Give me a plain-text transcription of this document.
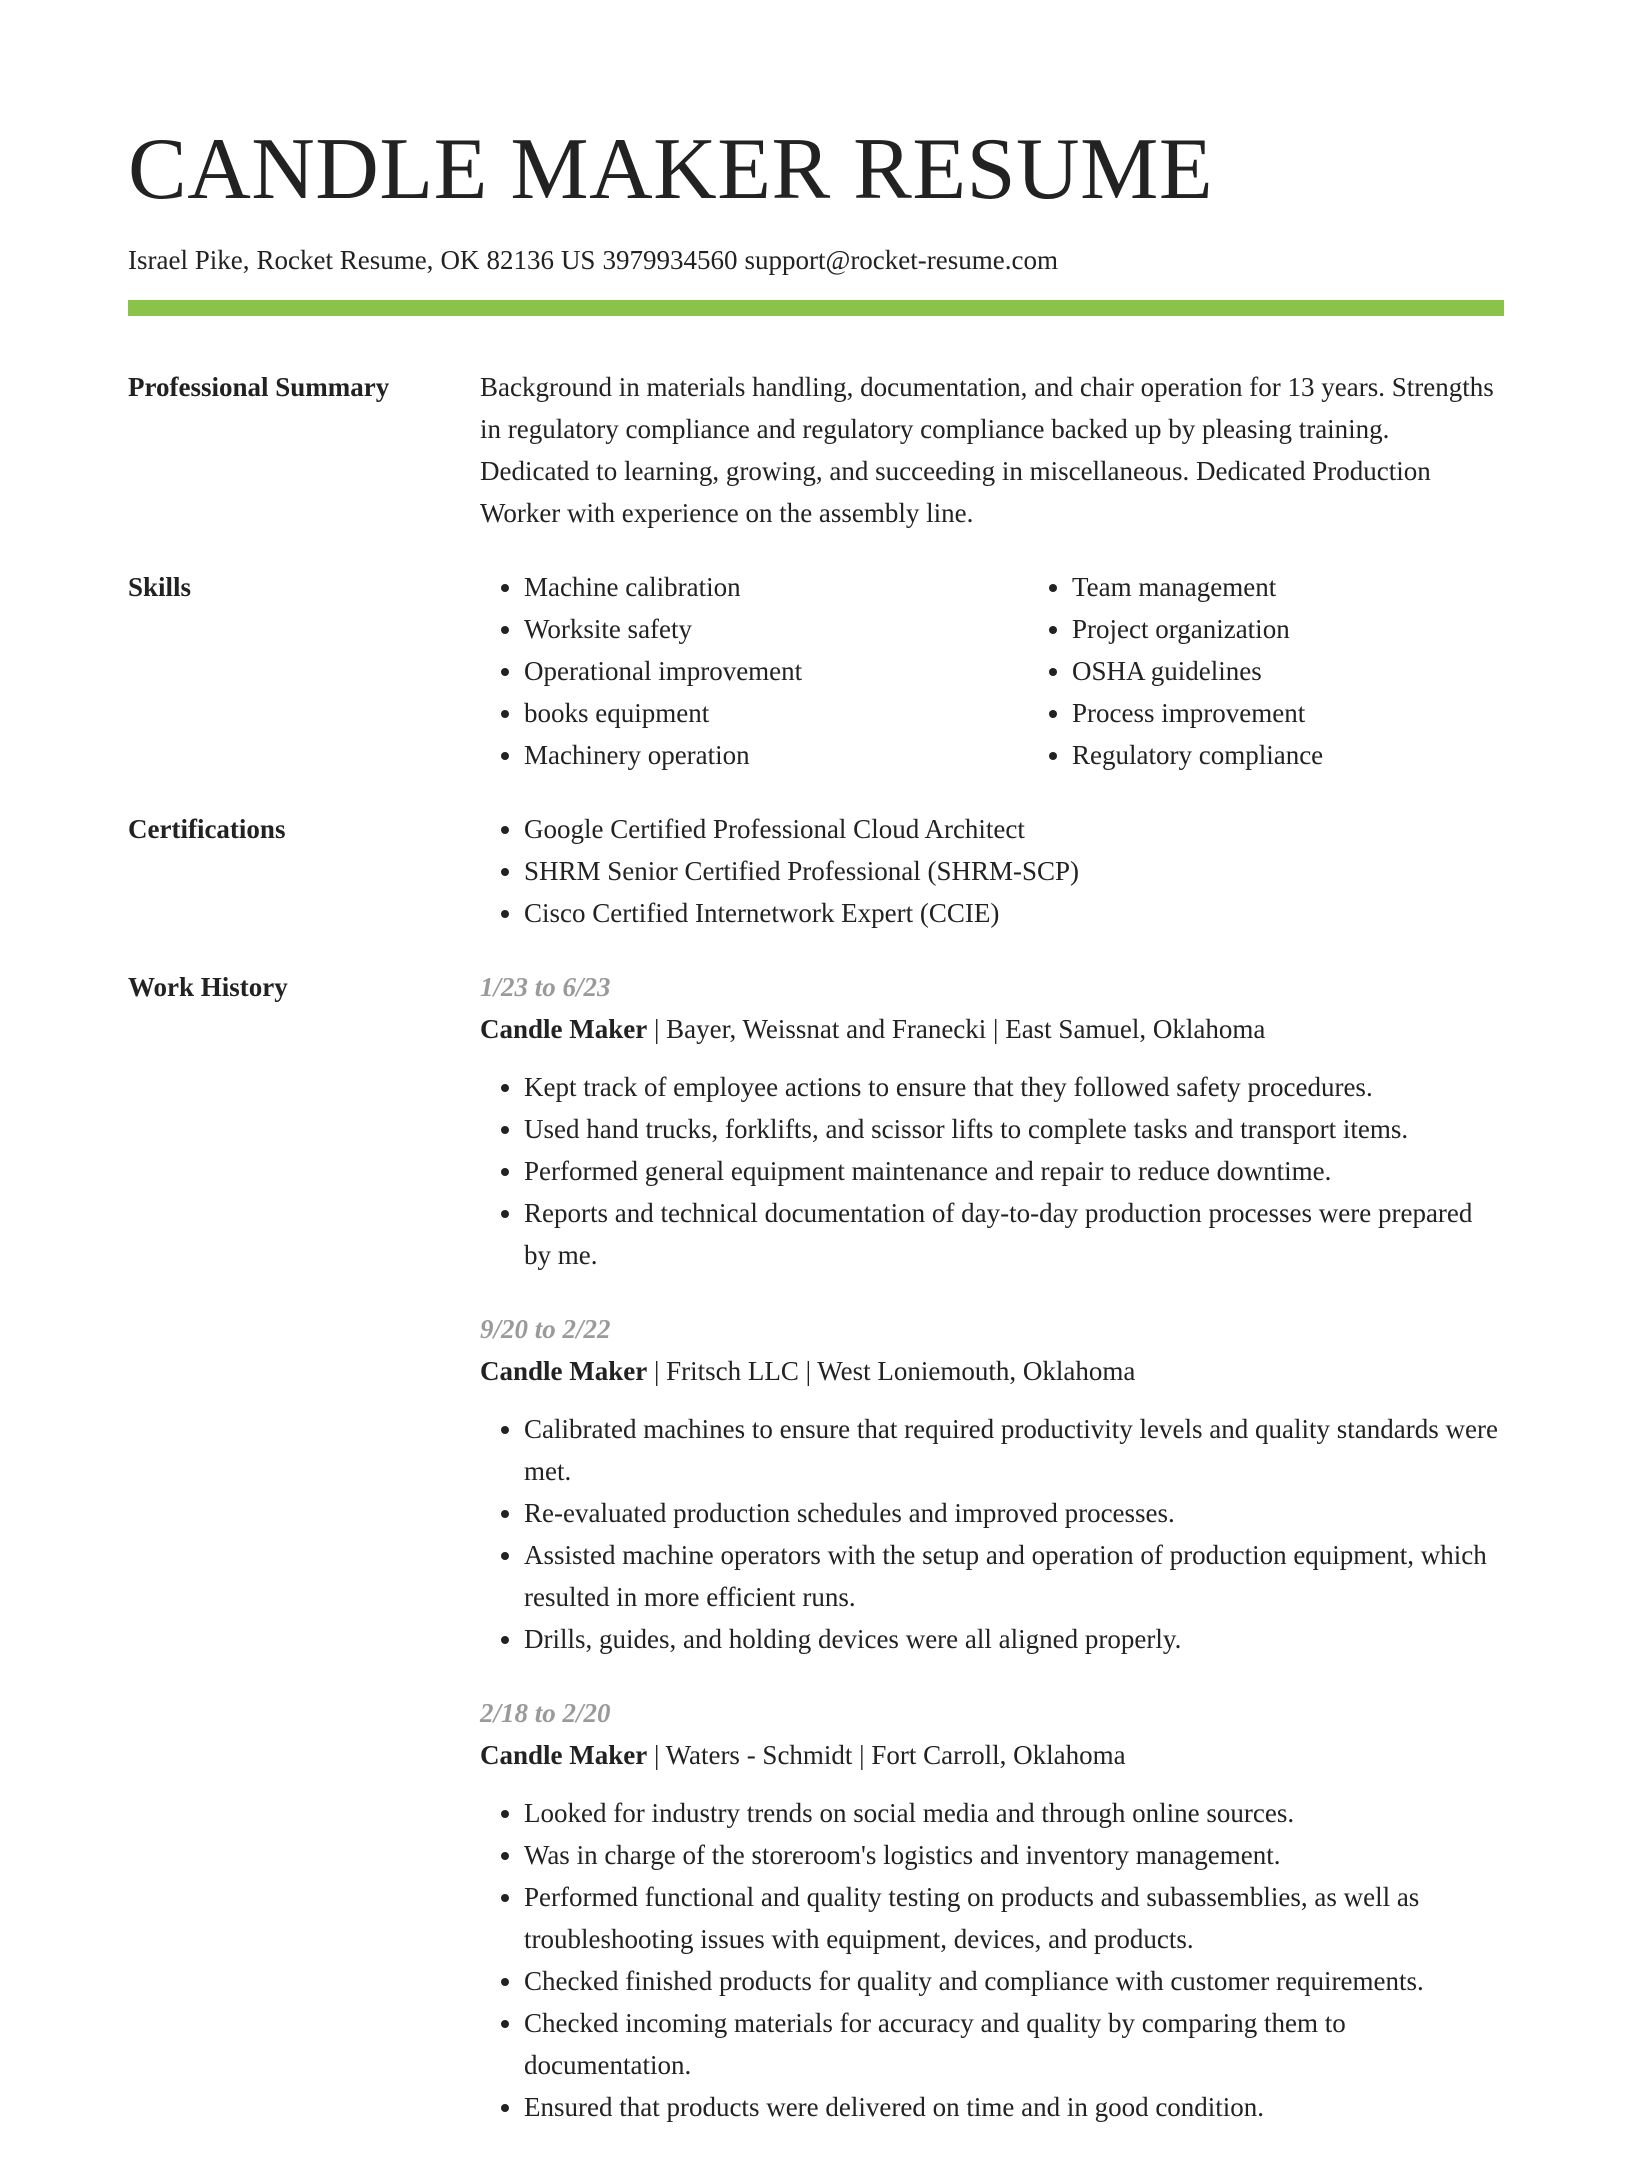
CANDLE MAKER RESUME
Israel Pike, Rocket Resume, OK 82136 US 3979934560 support@rocket-resume.com
Professional Summary	Background in materials handling, documentation, and chair operation for 13 years. Strengths in regulatory compliance and regulatory compliance backed up by pleasing training. Dedicated to learning, growing, and succeeding in miscellaneous. Dedicated Production Worker with experience on the assembly line.

Skills	• Machine calibration
• Worksite safety
• Operational improvement
• books equipment
• Machinery operation
• Team management
• Project organization
• OSHA guidelines
• Process improvement
• Regulatory compliance
Certifications	• Google Certified Professional Cloud Architect
• SHRM Senior Certified Professional (SHRM-SCP)
• Cisco Certified Internetwork Expert (CCIE)
Work History	1/23 to 6/23
Candle Maker | Bayer, Weissnat and Franecki | East Samuel, Oklahoma
• Kept track of employee actions to ensure that they followed safety procedures.
• Used hand trucks, forklifts, and scissor lifts to complete tasks and transport items.
• Performed general equipment maintenance and repair to reduce downtime.
• Reports and technical documentation of day-to-day production processes were prepared by me.
9/20 to 2/22
Candle Maker | Fritsch LLC | West Loniemouth, Oklahoma
• Calibrated machines to ensure that required productivity levels and quality standards were met.
• Re-evaluated production schedules and improved processes.
• Assisted machine operators with the setup and operation of production equipment, which resulted in more efficient runs.
• Drills, guides, and holding devices were all aligned properly.
2/18 to 2/20
Candle Maker | Waters - Schmidt | Fort Carroll, Oklahoma
• Looked for industry trends on social media and through online sources.
• Was in charge of the storeroom's logistics and inventory management.
• Performed functional and quality testing on products and subassemblies, as well as troubleshooting issues with equipment, devices, and products.
• Checked finished products for quality and compliance with customer requirements.
• Checked incoming materials for accuracy and quality by comparing them to documentation.
• Ensured that products were delivered on time and in good condition.
